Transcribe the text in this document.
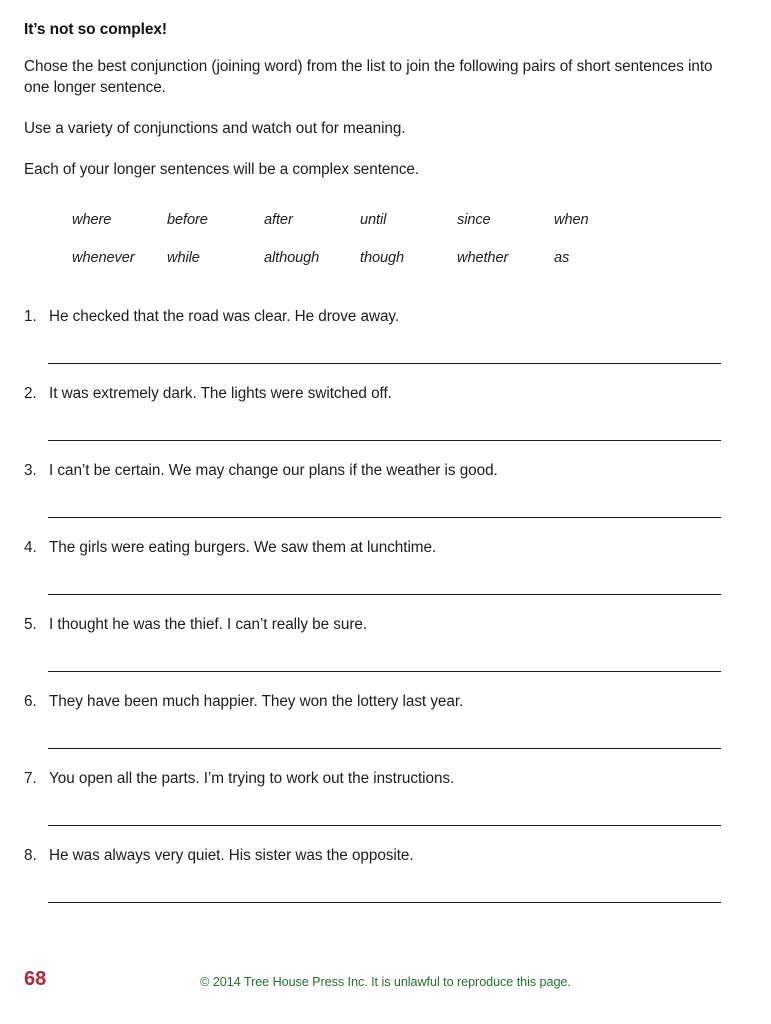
It’s not so complex!

Chose the best conjunction (joining word) from the list to join the following pairs of short sentences into one longer sentence.

Use a variety of conjunctions and watch out for meaning.

Each of your longer sentences will be a complex sentence.

where	before	after	until	since	when
whenever while	although	though	whether	as
1. He checked that the road was clear. He drove away.
2. It was extremely dark. The lights were switched off.
3. I can’t be certain. We may change our plans if the weather is good.
4. The girls were eating burgers. We saw them at lunchtime.
5. I thought he was the thief. I can’t really be sure.
6. They have been much happier. They won the lottery last year.
7. You open all the parts. I’m trying to work out the instructions.
8. He was always very quiet. His sister was the opposite.
68	© 2014 Tree House Press Inc. It is unlawful to reproduce this page.
